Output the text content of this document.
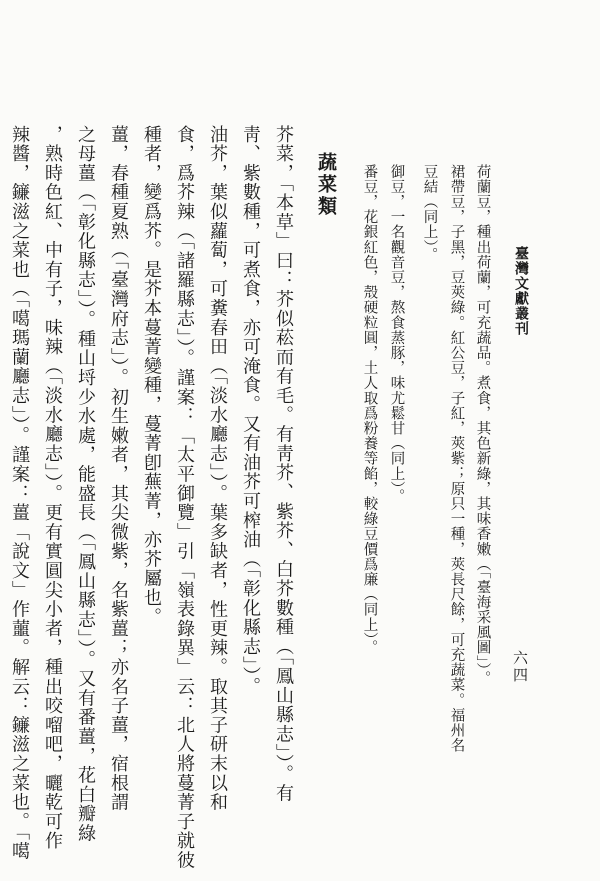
臺灣文獻叢刊
六四
荷蘭豆，種出荷蘭，可充蔬品。煮食，其色新綠，其味香嫩（「臺海采風圖」）。
裙帶豆，子黑，豆莢綠。紅公豆，子紅，莢紫；原只一種，莢長尺餘，可充蔬菜。福州名
豆結（同上）。
御豆，一名觀音豆，熬食蒸豚，味尤鬆甘（同上）。
番豆，花銀紅色，殼硬粒圓，土人取爲粉養等餡，較綠豆價爲廉（同上）。
蔬菜類
芥菜，「本草」曰：芥似菘而有毛。有靑芥、紫芥、白芥數種（「鳳山縣志」）。有
靑、紫數種，可煮食，亦可淹食。又有油芥可榨油（「彰化縣志」）。
油芥，葉似蘿蔔，可糞春田（「淡水廳志」）。葉多缺者，性更辣。取其子研末以和
食，爲芥辣（「諸羅縣志」）。謹案：「太平御覽」引「嶺表錄異」云：北人將蔓菁子就彼
種者，變爲芥。是芥本蔓菁變種，蔓菁卽蕪菁，亦芥屬也。
薑，春種夏熟（「臺灣府志」）。初生嫩者，其尖微紫，名紫薑；亦名子薑，宿根謂
之母薑（「彰化縣志」）。種山埒少水處，能盛長（「鳳山縣志」）。又有番薑，花白瓣綠
，熟時色紅、中有子，味辣（「淡水廳志」）。更有實圓尖小者，種出咬𠺕吧，曬乾可作
辣醬，䥥滋之菜也（「噶瑪蘭廳志」）。謹案：薑「說文」作蘁。解云：䥥滋之菜也。「噶
